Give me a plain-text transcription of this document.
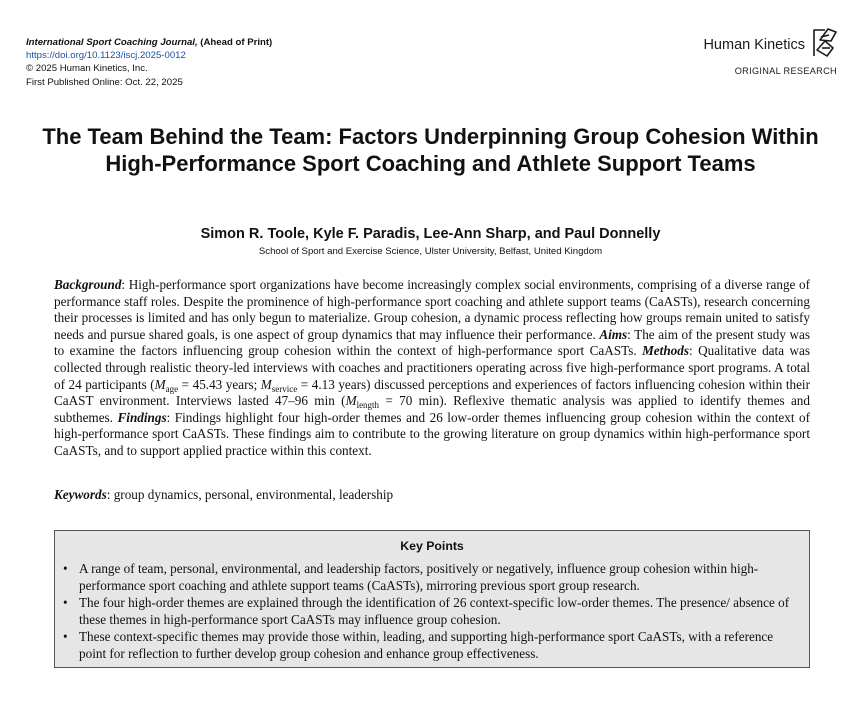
International Sport Coaching Journal, (Ahead of Print)
https://doi.org/10.1123/iscj.2025-0012
© 2025 Human Kinetics, Inc.
First Published Online: Oct. 22, 2025
Human Kinetics
ORIGINAL RESEARCH
The Team Behind the Team: Factors Underpinning Group Cohesion Within High-Performance Sport Coaching and Athlete Support Teams
Simon R. Toole, Kyle F. Paradis, Lee-Ann Sharp, and Paul Donnelly
School of Sport and Exercise Science, Ulster University, Belfast, United Kingdom

Background: High-performance sport organizations have become increasingly complex social environments, comprising of a diverse range of performance staff roles. Despite the prominence of high-performance sport coaching and athlete support teams (CaASTs), research concerning their processes is limited and has only begun to materialize. Group cohesion, a dynamic process reflecting how groups remain united to satisfy needs and pursue shared goals, is one aspect of group dynamics that may influence their performance. Aims: The aim of the present study was to examine the factors influencing group cohesion within the context of high-performance sport CaASTs. Methods: Qualitative data was collected through realistic theory-led interviews with coaches and practitioners operating across five high-performance sport programs. A total of 24 participants ($M_{age} = 45.43$ years; $M_{service} = 4.13$ years) discussed perceptions and experiences of factors influencing cohesion within their CaAST environment. Interviews lasted 47–96 $\min (M_{length} = 70$ min). Reflexive thematic analysis was applied to identify themes and subthemes. Findings: Findings highlight four high-order themes and 26 low-order themes influencing group cohesion within the context of high-performance sport CaASTs. These findings aim to contribute to the growing literature on group dynamics within high-performance sport CaASTs, and to support applied practice within this context.

Keywords: group dynamics, personal, environmental, leadership
Key Points
• A range of team, personal, environmental, and leadership factors, positively or negatively, influence group cohesion within high-performance sport coaching and athlete support teams (CaASTs), mirroring previous sport group research.
• The four high-order themes are explained through the identification of 26 context-specific low-order themes. The presence/ absence of these themes in high-performance sport CaASTs may influence group cohesion.
• These context-specific themes may provide those within, leading, and supporting high-performance sport CaASTs, with a reference point for reflection to further develop group cohesion and enhance group effectiveness.
